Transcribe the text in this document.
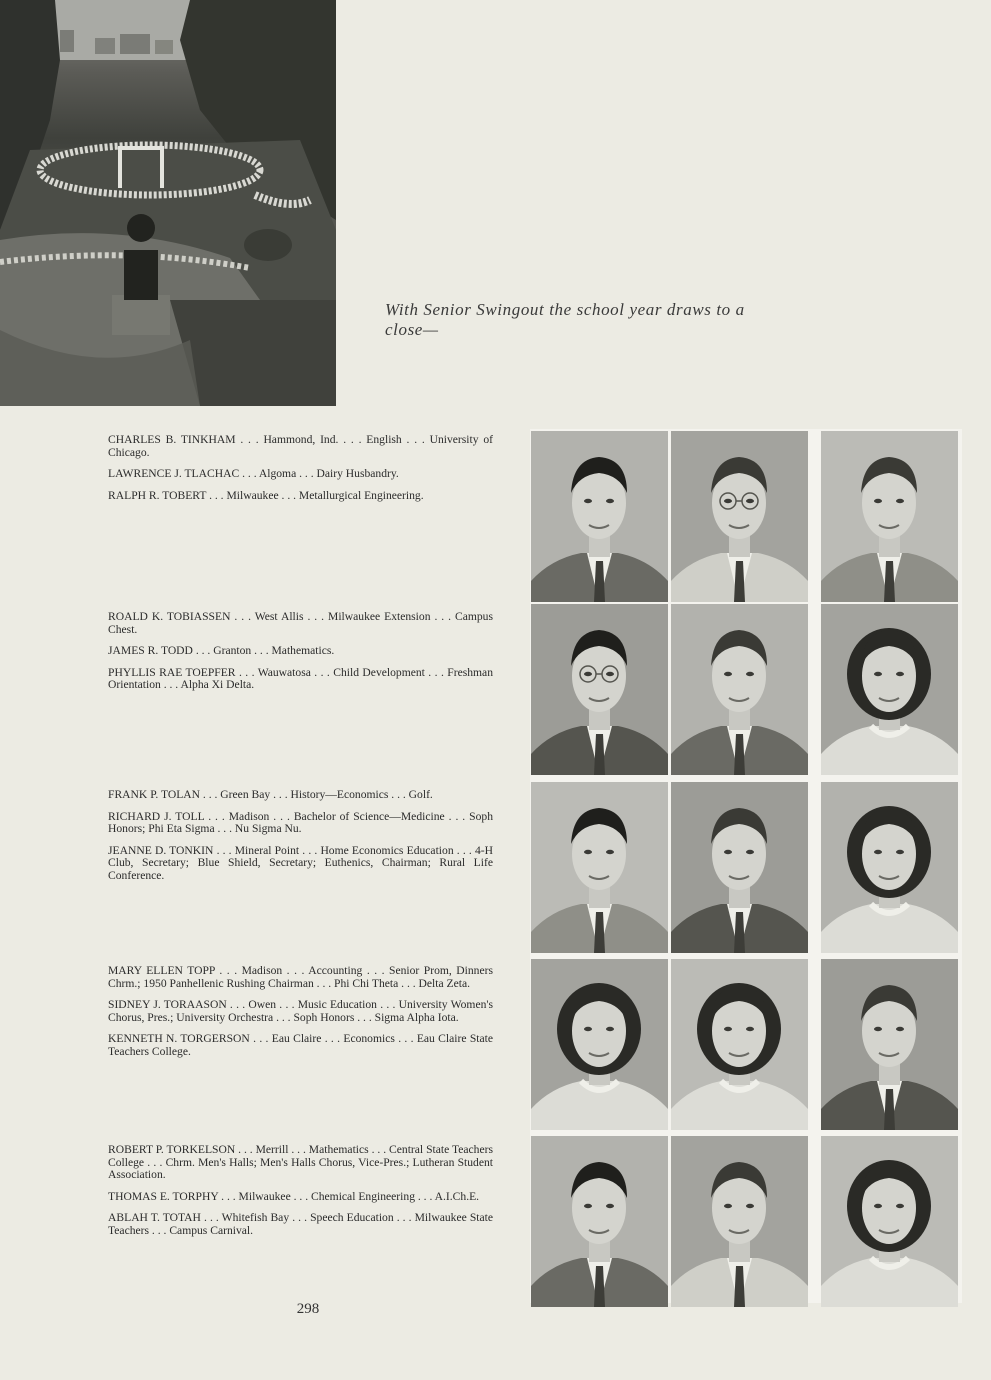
With Senior Swingout the school year draws to a close—

CHARLES B. TINKHAM . . . Hammond, Ind. . . . English . . . University of Chicago.

LAWRENCE J. TLACHAC . . . Algoma . . . Dairy Husbandry.

RALPH R. TOBERT . . . Milwaukee . . . Metallurgical Engineering.

ROALD K. TOBIASSEN . . . West Allis . . . Milwaukee Extension . . . Campus Chest.

JAMES R. TODD . . . Granton . . . Mathematics.

PHYLLIS RAE TOEPFER . . . Wauwatosa . . . Child Development . . . Freshman Orientation . . . Alpha Xi Delta.

FRANK P. TOLAN . . . Green Bay . . . History—Economics . . . Golf.

RICHARD J. TOLL . . . Madison . . . Bachelor of Science—Medicine . . . Soph Honors; Phi Eta Sigma . . . Nu Sigma Nu.

JEANNE D. TONKIN . . . Mineral Point . . . Home Economics Education . . . 4-H Club, Secretary; Blue Shield, Secretary; Euthenics, Chairman; Rural Life Conference.

MARY ELLEN TOPP . . . Madison . . . Accounting . . . Senior Prom, Dinners Chrm.; 1950 Panhellenic Rushing Chairman . . . Phi Chi Theta . . . Delta Zeta.

SIDNEY J. TORAASON . . . Owen . . . Music Education . . . University Women's Chorus, Pres.; University Orchestra . . . Soph Honors . . . Sigma Alpha Iota.

KENNETH N. TORGERSON . . . Eau Claire . . . Economics . . . Eau Claire State Teachers College.

ROBERT P. TORKELSON . . . Merrill . . . Mathematics . . . Central State Teachers College . . . Chrm. Men's Halls; Men's Halls Chorus, Vice-Pres.; Lutheran Student Association.

THOMAS E. TORPHY . . . Milwaukee . . . Chemical Engineering . . . A.I.Ch.E.

ABLAH T. TOTAH . . . Whitefish Bay . . . Speech Education . . . Milwaukee State Teachers . . . Campus Carnival.

298
